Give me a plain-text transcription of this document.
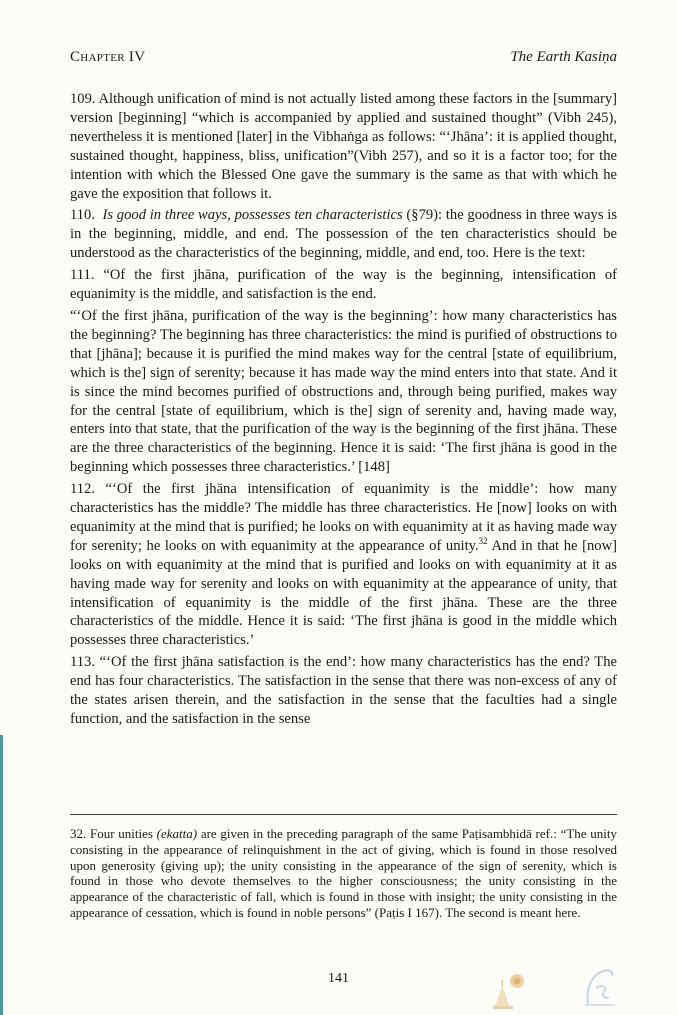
Chapter IV	The Earth Kasiṇa

109. Although unification of mind is not actually listed among these factors in the [summary] version [beginning] “which is accompanied by applied and sustained thought” (Vibh 245), nevertheless it is mentioned [later] in the Vibhaṅga as follows: “‘Jhāna’: it is applied thought, sustained thought, happiness, bliss, unification”(Vibh 257), and so it is a factor too; for the intention with which the Blessed One gave the summary is the same as that with which he gave the exposition that follows it.

110. Is good in three ways, possesses ten characteristics (§79): the goodness in three ways is in the beginning, middle, and end. The possession of the ten characteristics should be understood as the characteristics of the beginning, middle, and end, too. Here is the text:

111. “Of the first jhāna, purification of the way is the beginning, intensification of equanimity is the middle, and satisfaction is the end.

“‘Of the first jhāna, purification of the way is the beginning’: how many characteristics has the beginning? The beginning has three characteristics: the mind is purified of obstructions to that [jhāna]; because it is purified the mind makes way for the central [state of equilibrium, which is the] sign of serenity; because it has made way the mind enters into that state. And it is since the mind becomes purified of obstructions and, through being purified, makes way for the central [state of equilibrium, which is the] sign of serenity and, having made way, enters into that state, that the purification of the way is the beginning of the first jhāna. These are the three characteristics of the beginning. Hence it is said: ‘The first jhāna is good in the beginning which possesses three characteristics.’ [148]

112. “‘Of the first jhāna intensification of equanimity is the middle’: how many characteristics has the middle? The middle has three characteristics. He [now] looks on with equanimity at the mind that is purified; he looks on with equanimity at it as having made way for serenity; he looks on with equanimity at the appearance of unity.$^{32}$ And in that he [now] looks on with equanimity at the mind that is purified and looks on with equanimity at it as having made way for serenity and looks on with equanimity at the appearance of unity, that intensification of equanimity is the middle of the first jhāna. These are the three characteristics of the middle. Hence it is said: ‘The first jhāna is good in the middle which possesses three characteristics.’

113. “‘Of the first jhāna satisfaction is the end’: how many characteristics has the end? The end has four characteristics. The satisfaction in the sense that there was non-excess of any of the states arisen therein, and the satisfaction in the sense that the faculties had a single function, and the satisfaction in the sense

32. Four unities (ekatta) are given in the preceding paragraph of the same Paṭisambhidā ref.: “The unity consisting in the appearance of relinquishment in the act of giving, which is found in those resolved upon generosity (giving up); the unity consisting in the appearance of the sign of serenity, which is found in those who devote themselves to the higher consciousness; the unity consisting in the appearance of the characteristic of fall, which is found in those with insight; the unity consisting in the appearance of cessation, which is found in noble persons” (Paṭis I 167). The second is meant here.
141
